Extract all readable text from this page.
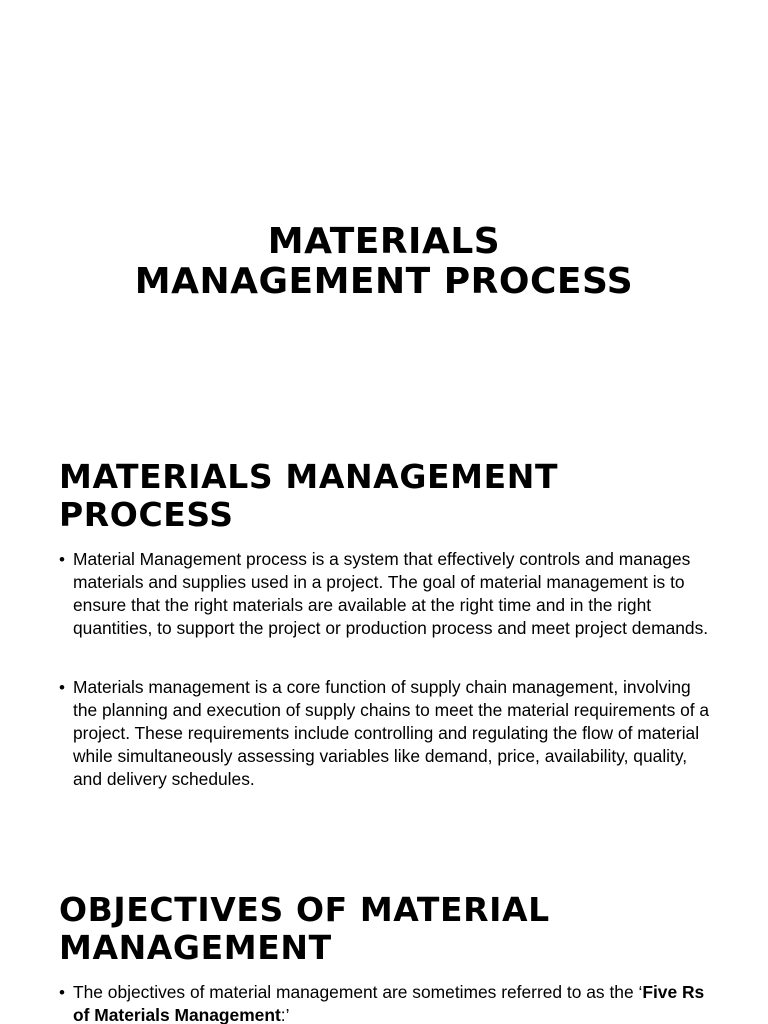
MATERIALS
MANAGEMENT PROCESS
MATERIALS MANAGEMENT
PROCESS
• Material Management process is a system that effectively controls and manages materials and supplies used in a project. The goal of material management is to ensure that the right materials are available at the right time and in the right quantities, to support the project or production process and meet project demands.
• Materials management is a core function of supply chain management, involving the planning and execution of supply chains to meet the material requirements of a project. These requirements include controlling and regulating the flow of material while simultaneously assessing variables like demand, price, availability, quality, and delivery schedules.
OBJECTIVES OF MATERIAL
MANAGEMENT
• The objectives of material management are sometimes referred to as the ‘Five Rs of Materials Management:’
